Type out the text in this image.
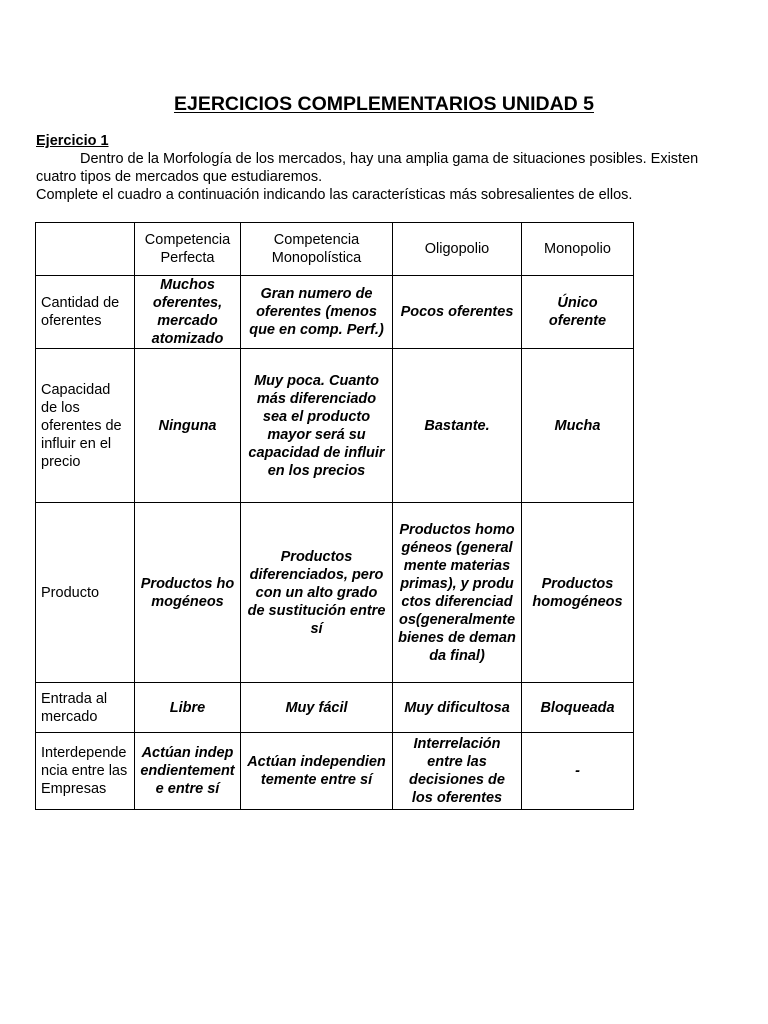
EJERCICIOS COMPLEMENTARIOS UNIDAD 5
Ejercicio 1

Dentro de la Morfología de los mercados, hay una amplia gama de situaciones posibles. Existen cuatro tipos de mercados que estudiaremos.

Complete el cuadro a continuación indicando las características más sobresalientes de ellos.

	Competencia Perfecta	Competencia Monopolística	Oligopolio	Monopolio
Cantidad de oferentes	Muchos oferentes, mercado atomizado	Gran numero de oferentes (menos que en comp. Perf.)	Pocos oferentes	Único oferente
Capacidad de los oferentes de influir en el precio	Ninguna	Muy poca. Cuanto más diferenciado sea el producto mayor será su capacidad de influir en los precios	Bastante.	Mucha
Producto	Productos homogéneos	Productos diferenciados, pero con un alto grado de sustitución entre sí	Productos homogéneos (generalmente materias primas), y productos diferenciados(generalmente bienes de demanda final)	Productos homogéneos
Entrada al mercado	Libre	Muy fácil	Muy dificultosa	Bloqueada
Interdependencia entre las Empresas	Actúan independientemente entre sí	Actúan independientemente entre sí	Interrelación entre las decisiones de los oferentes	-
